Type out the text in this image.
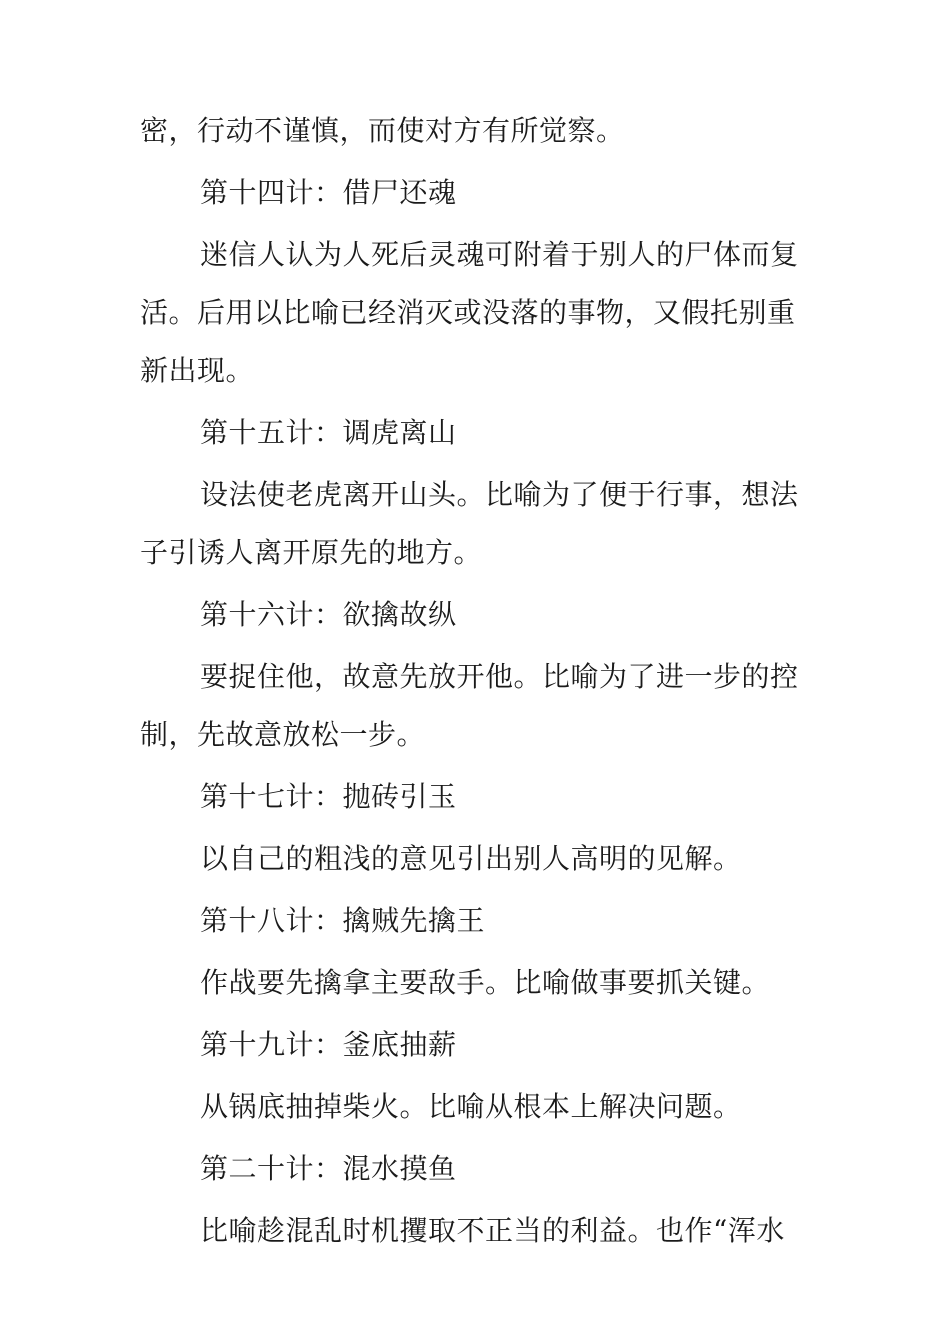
密，行动不谨慎，而使对方有所觉察。
第十四计：借尸还魂
迷信人认为人死后灵魂可附着于别人的尸体而复
活。后用以比喻已经消灭或没落的事物，又假托别重
新出现。
第十五计：调虎离山
设法使老虎离开山头。比喻为了便于行事，想法
子引诱人离开原先的地方。
第十六计：欲擒故纵
要捉住他，故意先放开他。比喻为了进一步的控
制，先故意放松一步。
第十七计：抛砖引玉
以自己的粗浅的意见引出别人高明的见解。
第十八计：擒贼先擒王
作战要先擒拿主要敌手。比喻做事要抓关键。
第十九计：釜底抽薪
从锅底抽掉柴火。比喻从根本上解决问题。
第二十计：混水摸鱼
比喻趁混乱时机攫取不正当的利益。也作“浑水
